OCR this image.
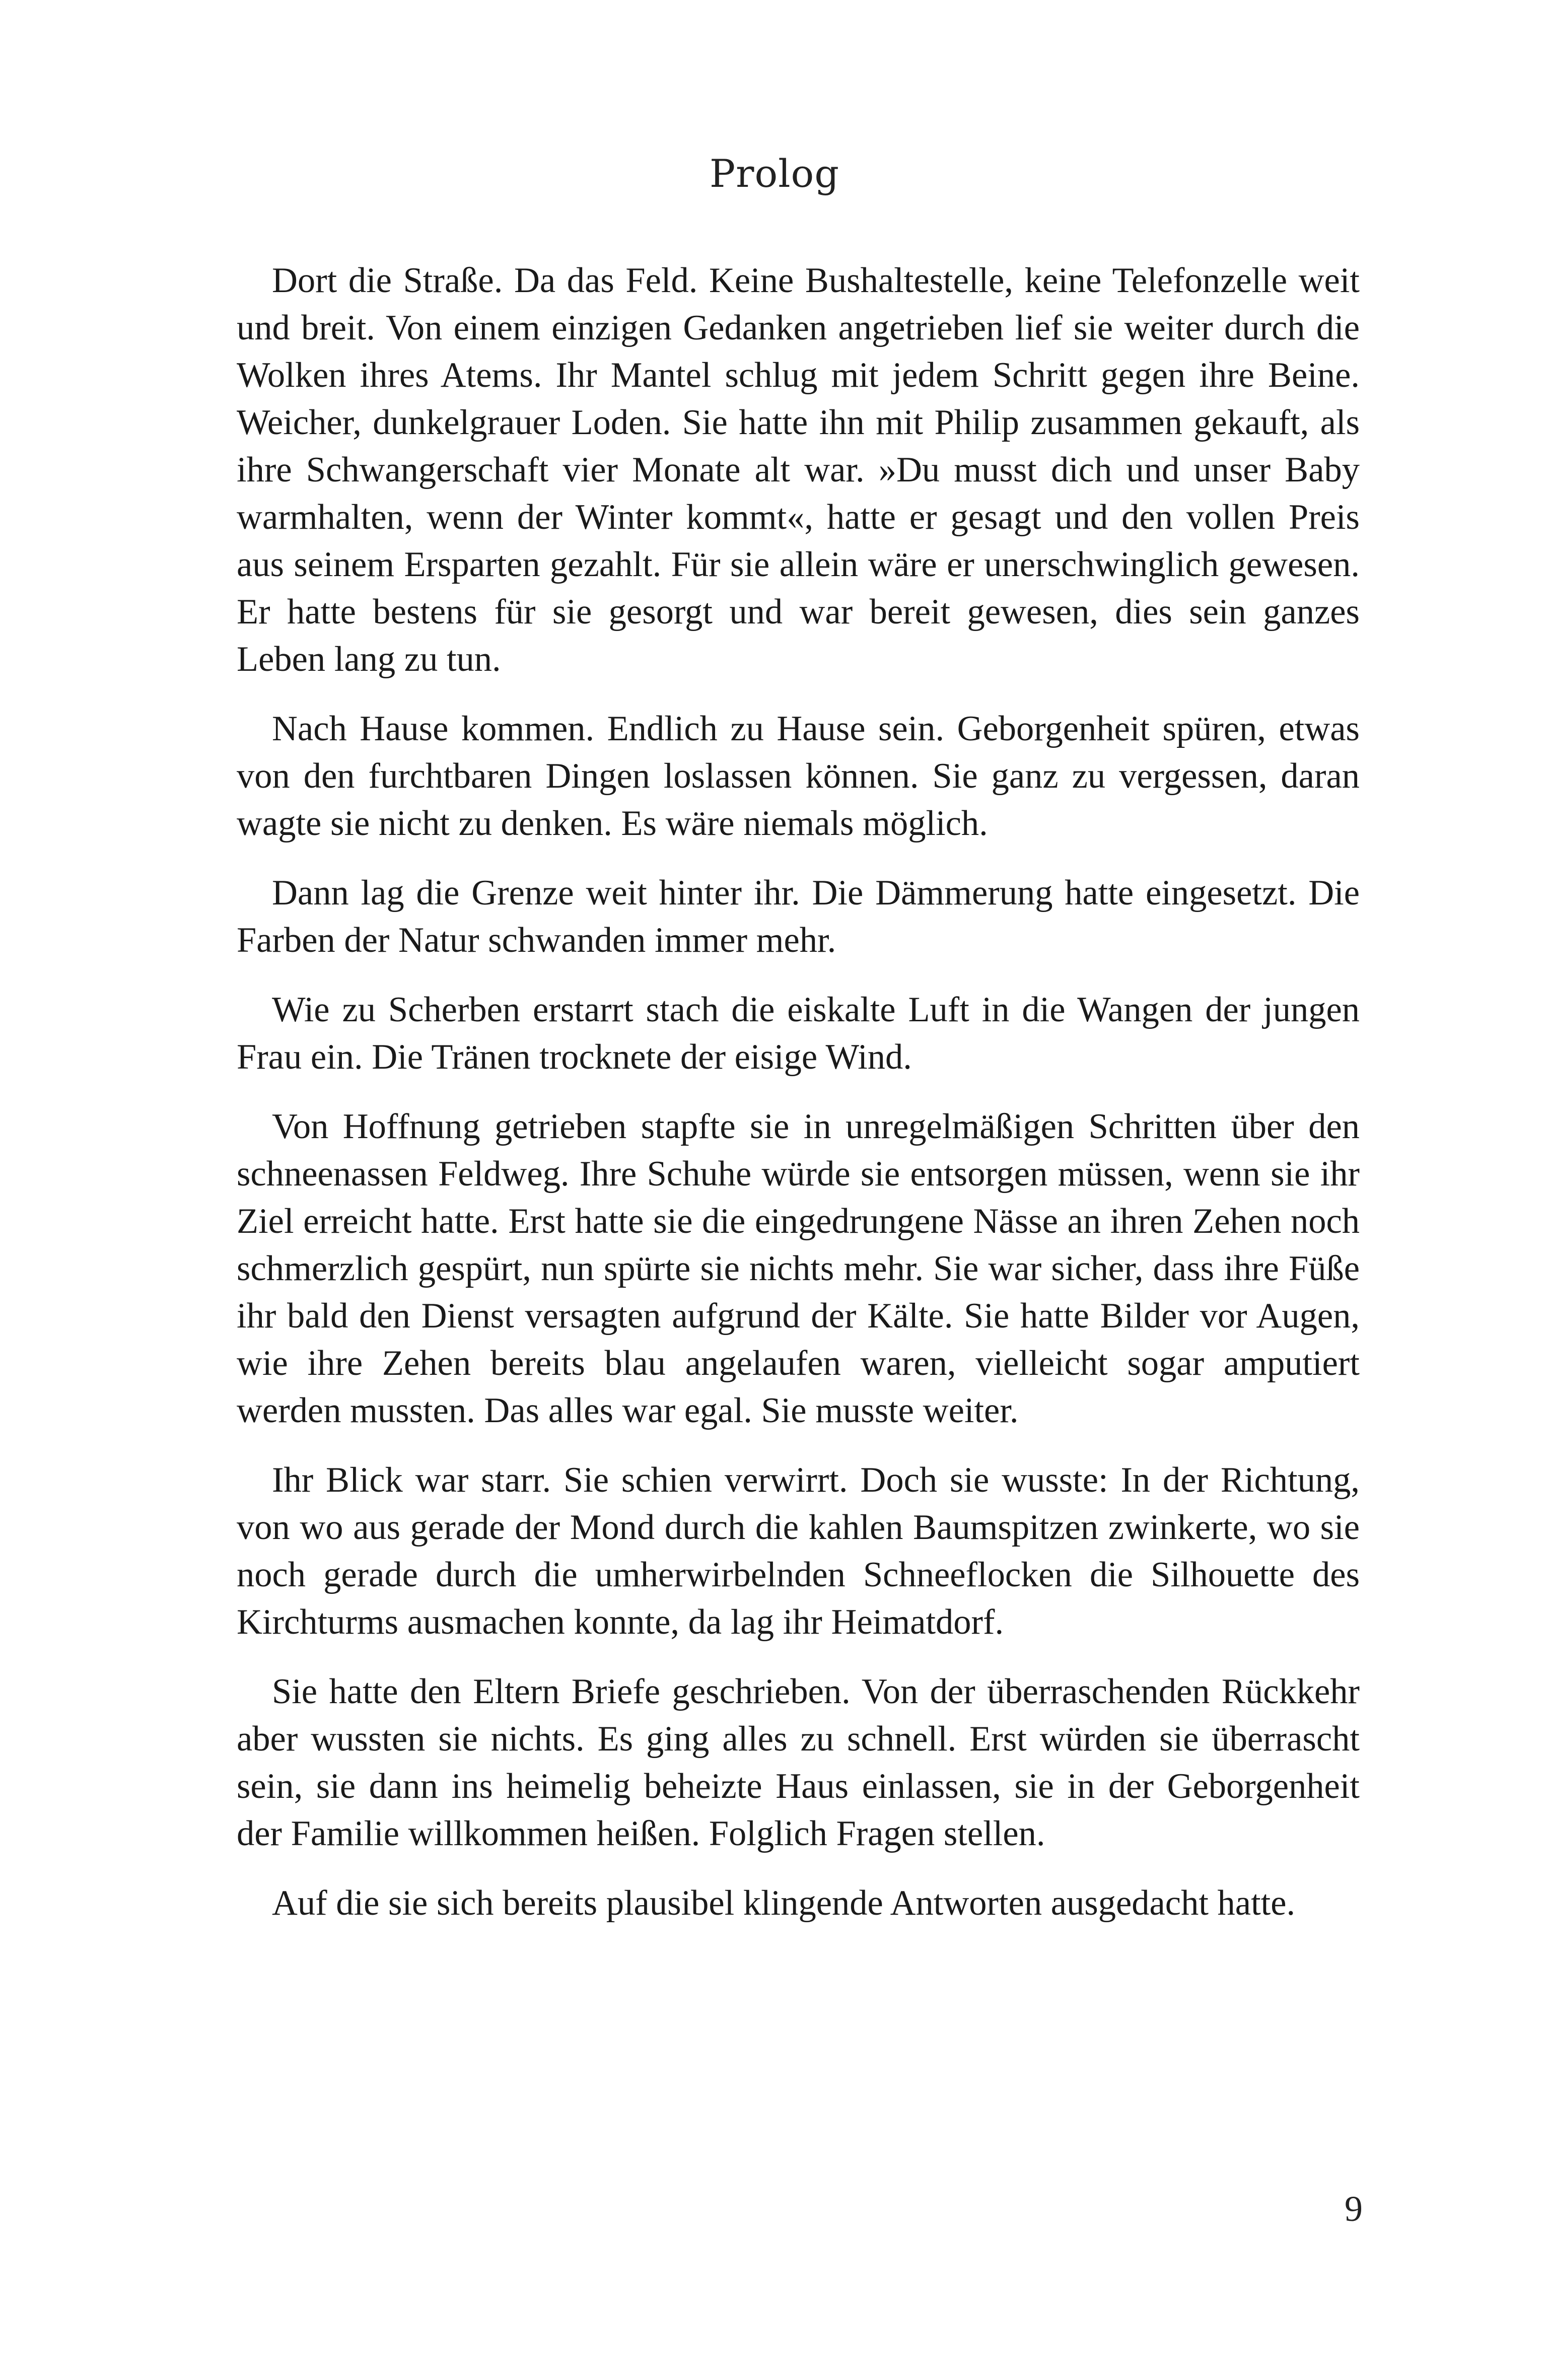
Prolog

Dort die Straße. Da das Feld. Keine Bushaltestelle, keine Telefonzelle weit und breit. Von einem einzigen Gedanken angetrieben lief sie weiter durch die Wolken ihres Atems. Ihr Mantel schlug mit jedem Schritt gegen ihre Beine. Weicher, dunkelgrauer Loden. Sie hatte ihn mit Philip zusammen gekauft, als ihre Schwangerschaft vier Monate alt war. »Du musst dich und unser Baby warmhalten, wenn der Winter kommt«, hatte er gesagt und den vollen Preis aus seinem Ersparten gezahlt. Für sie allein wäre er unerschwinglich gewesen. Er hatte bestens für sie gesorgt und war bereit gewesen, dies sein ganzes Leben lang zu tun.

Nach Hause kommen. Endlich zu Hause sein. Geborgenheit spüren, etwas von den furchtbaren Dingen loslassen können. Sie ganz zu vergessen, daran wagte sie nicht zu denken. Es wäre niemals möglich.

Dann lag die Grenze weit hinter ihr. Die Dämmerung hatte eingesetzt. Die Farben der Natur schwanden immer mehr.

Wie zu Scherben erstarrt stach die eiskalte Luft in die Wangen der jungen Frau ein. Die Tränen trocknete der eisige Wind.

Von Hoffnung getrieben stapfte sie in unregelmäßigen Schritten über den schneenassen Feldweg. Ihre Schuhe würde sie entsorgen müssen, wenn sie ihr Ziel erreicht hatte. Erst hatte sie die eingedrungene Nässe an ihren Zehen noch schmerzlich gespürt, nun spürte sie nichts mehr. Sie war sicher, dass ihre Füße ihr bald den Dienst versagten aufgrund der Kälte. Sie hatte Bilder vor Augen, wie ihre Zehen bereits blau angelaufen waren, vielleicht sogar amputiert werden mussten. Das alles war egal. Sie musste weiter.

Ihr Blick war starr. Sie schien verwirrt. Doch sie wusste: In der Richtung, von wo aus gerade der Mond durch die kahlen Baumspitzen zwinkerte, wo sie noch gerade durch die umherwirbelnden Schneeflocken die Silhouette des Kirchturms ausmachen konnte, da lag ihr Heimatdorf.

Sie hatte den Eltern Briefe geschrieben. Von der überraschenden Rückkehr aber wussten sie nichts. Es ging alles zu schnell. Erst würden sie überrascht sein, sie dann ins heimelig beheizte Haus einlassen, sie in der Geborgenheit der Familie willkommen heißen. Folglich Fragen stellen.

Auf die sie sich bereits plausibel klingende Antworten ausgedacht hatte.

9
